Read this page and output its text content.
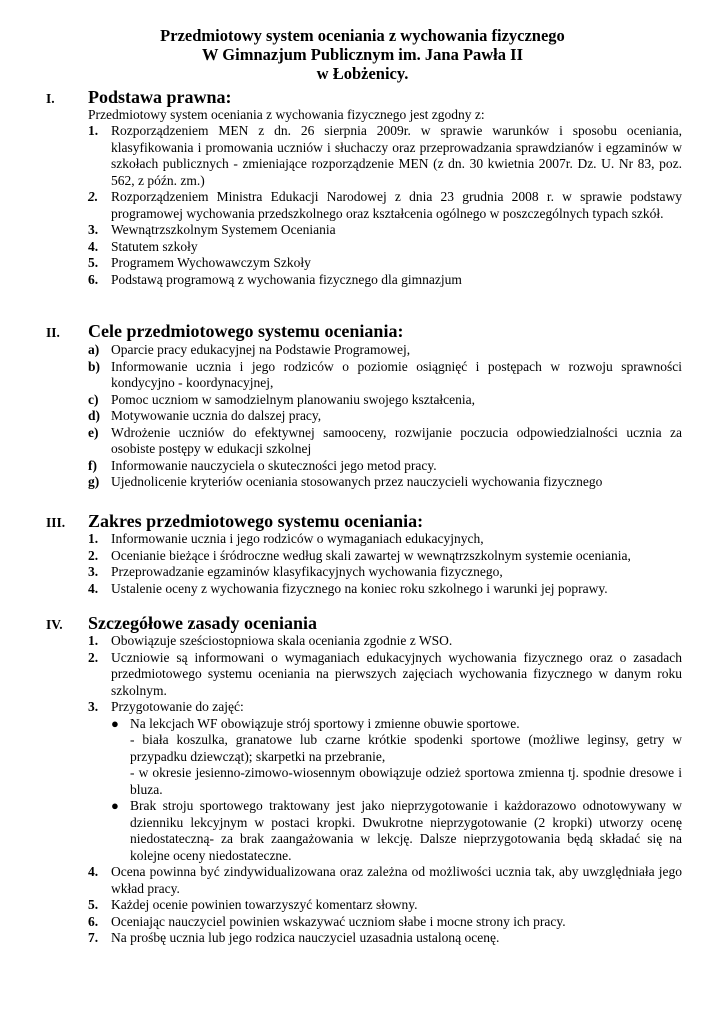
Przedmiotowy system oceniania z wychowania fizycznego
W Gimnazjum Publicznym im. Jana Pawła II
w Łobżenicy.
I. Podstawa prawna:
Przedmiotowy system oceniania z wychowania fizycznego jest zgodny z:
1. Rozporządzeniem MEN z dn. 26 sierpnia 2009r. w sprawie warunków i sposobu oceniania, klasyfikowania i promowania uczniów i słuchaczy oraz przeprowadzania sprawdzianów i egzaminów w szkołach publicznych - zmieniające rozporządzenie MEN (z dn. 30 kwietnia 2007r. Dz. U. Nr 83, poz. 562, z późn. zm.)
2. Rozporządzeniem Ministra Edukacji Narodowej z dnia 23 grudnia 2008 r. w sprawie podstawy programowej wychowania przedszkolnego oraz kształcenia ogólnego w poszczególnych typach szkół.
3. Wewnątrzszkolnym Systemem Oceniania
4. Statutem szkoły
5. Programem Wychowawczym Szkoły
6. Podstawą programową z wychowania fizycznego dla gimnazjum
II. Cele przedmiotowego systemu oceniania:
a) Oparcie pracy edukacyjnej na Podstawie Programowej,
b) Informowanie ucznia i jego rodziców o poziomie osiągnięć i postępach w rozwoju sprawności kondycyjno - koordynacyjnej,
c) Pomoc uczniom w samodzielnym planowaniu swojego kształcenia,
d) Motywowanie ucznia do dalszej pracy,
e) Wdrożenie uczniów do efektywnej samooceny, rozwijanie poczucia odpowiedzialności ucznia za osobiste postępy w edukacji szkolnej
f)	Informowanie nauczyciela o skuteczności jego metod pracy.
g) Ujednolicenie kryteriów oceniania stosowanych przez nauczycieli wychowania fizycznego
III. Zakres przedmiotowego systemu oceniania:
1. Informowanie ucznia i jego rodziców o wymaganiach edukacyjnych,
2. Ocenianie bieżące i śródroczne według skali zawartej w wewnątrzszkolnym systemie oceniania,
3. Przeprowadzanie egzaminów klasyfikacyjnych wychowania fizycznego,
4. Ustalenie oceny z wychowania fizycznego na koniec roku szkolnego i warunki jej poprawy.
IV. Szczegółowe zasady oceniania
1. Obowiązuje sześciostopniowa skala oceniania zgodnie z WSO.
2. Uczniowie są informowani o wymaganiach edukacyjnych wychowania fizycznego oraz o zasadach przedmiotowego systemu oceniania na pierwszych zajęciach wychowania fizycznego w danym roku szkolnym.
3. Przygotowanie do zajęć:
● Na lekcjach WF obowiązuje strój sportowy i zmienne obuwie sportowe.
- biała koszulka, granatowe lub czarne krótkie spodenki sportowe (możliwe leginsy, getry w przypadku dziewcząt); skarpetki na przebranie,
- w okresie jesienno-zimowo-wiosennym obowiązuje odzież sportowa zmienna tj. spodnie dresowe i bluza.
● Brak stroju sportowego traktowany jest jako nieprzygotowanie i każdorazowo odnotowywany w dzienniku lekcyjnym w postaci kropki. Dwukrotne nieprzygotowanie (2 kropki) utworzy ocenę niedostateczną- za brak zaangażowania w lekcję. Dalsze nieprzygotowania będą składać się na kolejne oceny niedostateczne.
4. Ocena powinna być zindywidualizowana oraz zależna od możliwości ucznia tak, aby uwzględniała jego wkład pracy.
5. Każdej ocenie powinien towarzyszyć komentarz słowny.
6. Oceniając nauczyciel powinien wskazywać uczniom słabe i mocne strony ich pracy.
7. Na prośbę ucznia lub jego rodzica nauczyciel uzasadnia ustaloną ocenę.
